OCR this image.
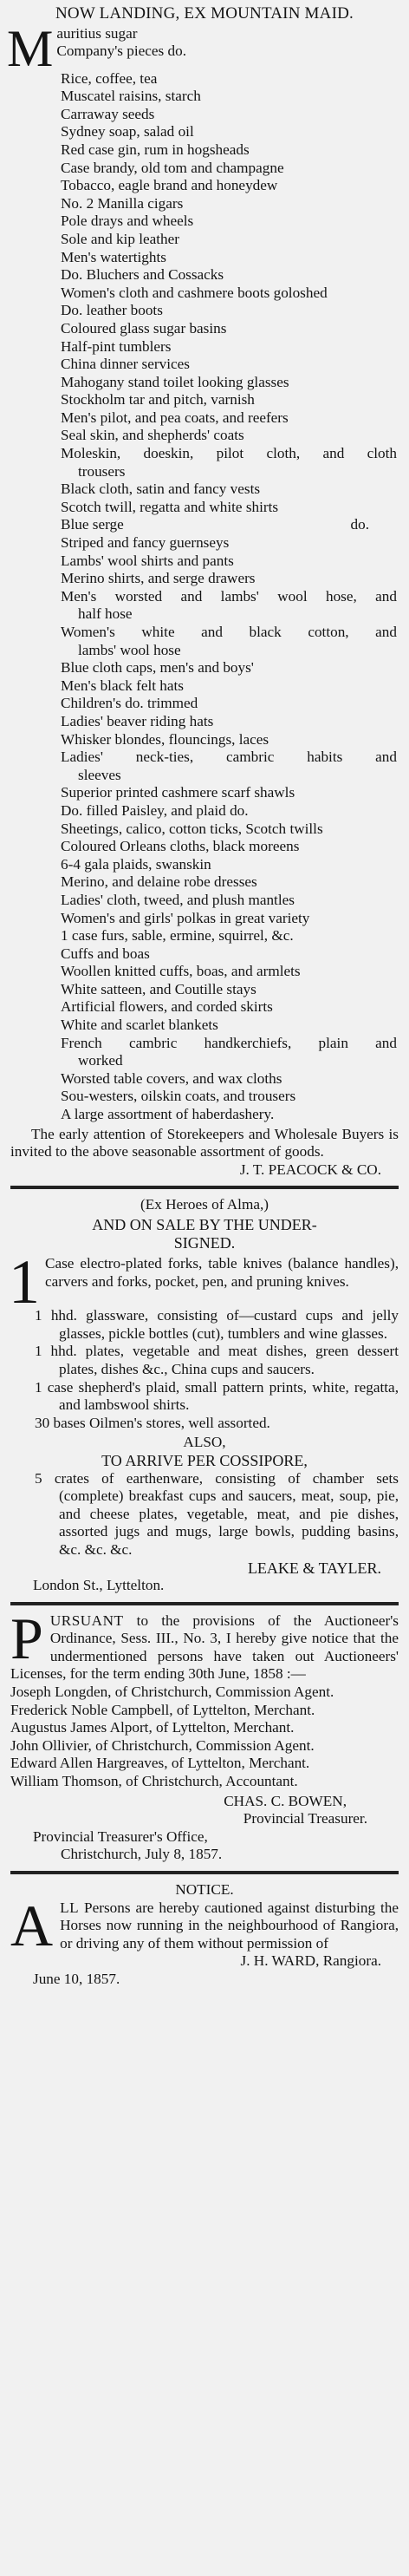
NOW LANDING, EX MOUNTAIN MAID.
M auritius sugar
Company's pieces do.
Rice, coffee, tea
Muscatel raisins, starch
Carraway seeds
Sydney soap, salad oil
Red case gin, rum in hogsheads
Case brandy, old tom and champagne
Tobacco, eagle brand and honeydew
No. 2 Manilla cigars
Pole drays and wheels
Sole and kip leather
Men's watertights
Do. Bluchers and Cossacks
Women's cloth and cashmere boots goloshed
Do. leather boots
Coloured glass sugar basins
Half-pint tumblers
China dinner services
Mahogany stand toilet looking glasses
Stockholm tar and pitch, varnish
Men's pilot, and pea coats, and reefers
Seal skin, and shepherds' coats
Moleskin, doeskin, pilot cloth, and cloth
trousers
Black cloth, satin and fancy vests
Scotch twill, regatta and white shirts
Blue serge	do.
Striped and fancy guernseys
Lambs' wool shirts and pants
Merino shirts, and serge drawers
Men's worsted and lambs' wool hose, and
half hose
Women's white and black cotton, and
lambs' wool hose
Blue cloth caps, men's and boys'
Men's black felt hats
Children's do. trimmed
Ladies' beaver riding hats
Whisker blondes, flouncings, laces
Ladies' neck-ties, cambric habits and
sleeves
Superior printed cashmere scarf shawls
Do. filled Paisley, and plaid do.
Sheetings, calico, cotton ticks, Scotch twills
Coloured Orleans cloths, black moreens
6-4 gala plaids, swanskin
Merino, and delaine robe dresses
Ladies' cloth, tweed, and plush mantles
Women's and girls' polkas in great variety
1 case furs, sable, ermine, squirrel, &c.
Cuffs and boas
Woollen knitted cuffs, boas, and armlets
White satteen, and Coutille stays
Artificial flowers, and corded skirts
White and scarlet blankets
French cambric handkerchiefs, plain and
worked
Worsted table covers, and wax cloths
Sou-westers, oilskin coats, and trousers
A large assortment of haberdashery.
The early attention of Storekeepers and Wholesale Buyers is invited to the above seasonable assortment of goods.
J. T. PEACOCK & CO.
(Ex Heroes of Alma,)
AND ON SALE BY THE UNDER-
SIGNED.
1 Case electro-plated forks, table knives (balance handles), carvers and forks, pocket, pen, and pruning knives.
1 hhd. glassware, consisting of—custard cups and jelly glasses, pickle bottles (cut), tumblers and wine glasses.
1 hhd. plates, vegetable and meat dishes, green dessert plates, dishes &c., China cups and saucers.
1 case shepherd's plaid, small pattern prints, white, regatta, and lambswool shirts.
30 bases Oilmen's stores, well assorted.
ALSO,
TO ARRIVE PER COSSIPORE,
5 crates of earthenware, consisting of chamber sets (complete) breakfast cups and saucers, meat, soup, pie, and cheese plates, vegetable, meat, and pie dishes, assorted jugs and mugs, large bowls, pudding basins, &c. &c. &c.
LEAKE & TAYLER.
London St., Lyttelton.
PURSUANT to the provisions of the Auctioneer's Ordinance, Sess. III., No. 3, I hereby give notice that the undermentioned persons have taken out Auctioneers' Licenses, for the term ending 30th June, 1858 :—
Joseph Longden, of Christchurch, Commission Agent.
Frederick Noble Campbell, of Lyttelton, Merchant.
Augustus James Alport, of Lyttelton, Merchant.
John Ollivier, of Christchurch, Commission Agent.
Edward Allen Hargreaves, of Lyttelton, Merchant.
William Thomson, of Christchurch, Accountant.
CHAS. C. BOWEN,
Provincial Treasurer.
Provincial Treasurer's Office,
Christchurch, July 8, 1857.
NOTICE.
ALL Persons are hereby cautioned against disturbing the Horses now running in the neighbourhood of Rangiora, or driving any of them without permission of
J. H. WARD, Rangiora.
June 10, 1857.
